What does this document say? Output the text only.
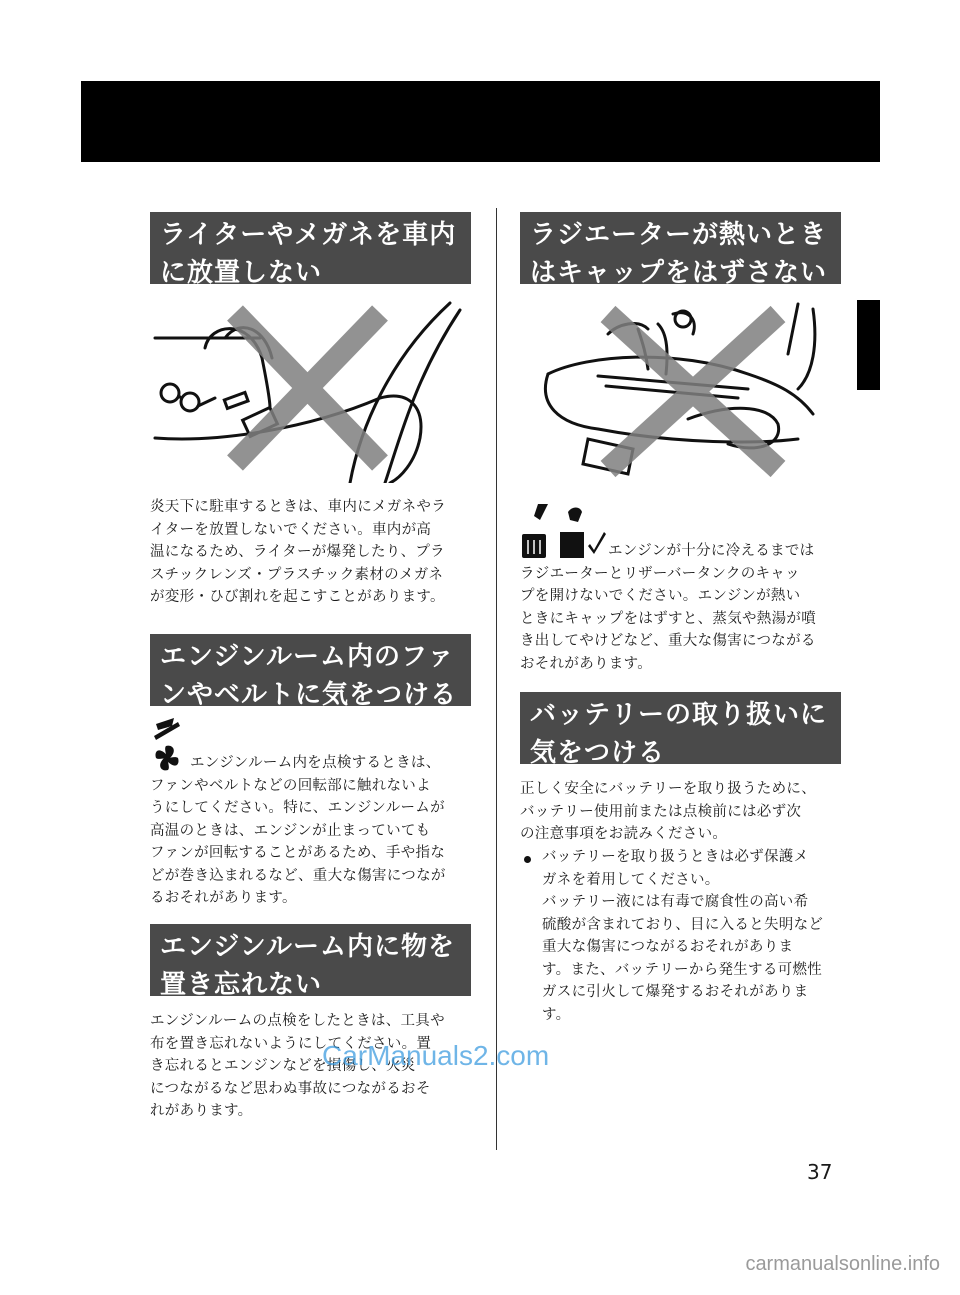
ライターやメガネを車内
に放置しない
炎天下に駐車するときは、車内にメガネやラ
イターを放置しないでください。車内が高
温になるため、ライターが爆発したり、プラ
スチックレンズ・プラスチック素材のメガネ
が変形・ひび割れを起こすことがあります。
エンジンルーム内のファ
ンやベルトに気をつける
エンジンルーム内を点検するときは、
ファンやベルトなどの回転部に触れないよ
うにしてください。特に、エンジンルームが
高温のときは、エンジンが止まっていても
ファンが回転することがあるため、手や指な
どが巻き込まれるなど、重大な傷害につなが
るおそれがあります。
エンジンルーム内に物を
置き忘れない
エンジンルームの点検をしたときは、工具や
布を置き忘れないようにしてください。置
き忘れるとエンジンなどを損傷し、火災
につながるなど思わぬ事故につながるおそ
れがあります。
ラジエーターが熱いとき
はキャップをはずさない
エンジンが十分に冷えるまでは
ラジエーターとリザーバータンクのキャッ
プを開けないでください。エンジンが熱い
ときにキャップをはずすと、蒸気や熱湯が噴
き出してやけどなど、重大な傷害につながる
おそれがあります。
バッテリーの取り扱いに
気をつける
正しく安全にバッテリーを取り扱うために、
バッテリー使用前または点検前には必ず次
の注意事項をお読みください。
バッテリーを取り扱うときは必ず保護メ
ガネを着用してください。
バッテリー液には有毒で腐食性の高い希
硫酸が含まれており、目に入ると失明など
重大な傷害につながるおそれがありま
す。また、バッテリーから発生する可燃性
ガスに引火して爆発するおそれがありま
す。
37
CarManuals2.com
carmanualsonline.info
